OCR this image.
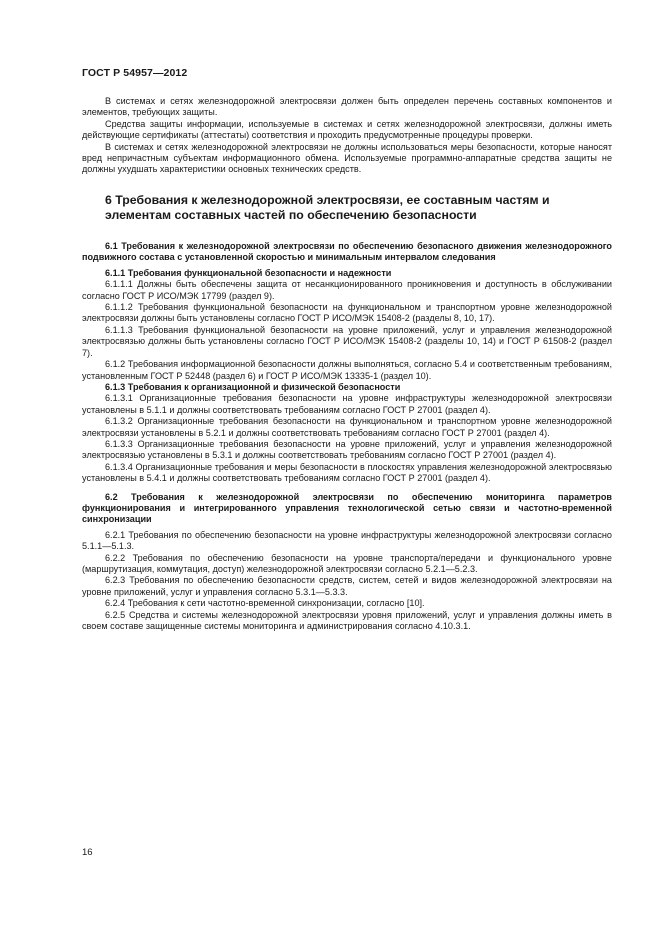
ГОСТ Р 54957—2012

В системах и сетях железнодорожной электросвязи должен быть определен перечень составных компонентов и элементов, требующих защиты.

Средства защиты информации, используемые в системах и сетях железнодорожной электросвязи, должны иметь действующие сертификаты (аттестаты) соответствия и проходить предусмотренные процедуры проверки.

В системах и сетях железнодорожной электросвязи не должны использоваться меры безопасности, которые наносят вред непричастным субъектам информационного обмена. Используемые программно-аппаратные средства защиты не должны ухудшать характеристики основных технических средств.

6 Требования к железнодорожной электросвязи, ее составным частям и элементам составных частей по обеспечению безопасности
6.1 Требования к железнодорожной электросвязи по обеспечению безопасного движения железнодорожного подвижного состава с установленной скоростью и минимальным интервалом следования

6.1.1 Требования функциональной безопасности и надежности

6.1.1.1 Должны быть обеспечены защита от несанкционированного проникновения и доступность в обслуживании согласно ГОСТ Р ИСО/МЭК 17799 (раздел 9).

6.1.1.2 Требования функциональной безопасности на функциональном и транспортном уровне железнодорожной электросвязи должны быть установлены согласно ГОСТ Р ИСО/МЭК 15408-2 (разделы 8, 10, 17).

6.1.1.3 Требования функциональной безопасности на уровне приложений, услуг и управления железнодорожной электросвязью должны быть установлены согласно ГОСТ Р ИСО/МЭК 15408-2 (разделы 10, 14) и ГОСТ Р 61508-2 (раздел 7).

6.1.2 Требования информационной безопасности должны выполняться, согласно 5.4 и соответственным требованиям, установленным ГОСТ Р 52448 (раздел 6) и ГОСТ Р ИСО/МЭК 13335-1 (раздел 10).

6.1.3 Требования к организационной и физической безопасности

6.1.3.1 Организационные требования безопасности на уровне инфраструктуры железнодорожной электросвязи установлены в 5.1.1 и должны соответствовать требованиям согласно ГОСТ Р 27001 (раздел 4).

6.1.3.2 Организационные требования безопасности на функциональном и транспортном уровне железнодорожной электросвязи установлены в 5.2.1 и должны соответствовать требованиям согласно ГОСТ Р 27001 (раздел 4).

6.1.3.3 Организационные требования безопасности на уровне приложений, услуг и управления железнодорожной электросвязью установлены в 5.3.1 и должны соответствовать требованиям согласно ГОСТ Р 27001 (раздел 4).

6.1.3.4 Организационные требования и меры безопасности в плоскостях управления железнодорожной электросвязью установлены в 5.4.1 и должны соответствовать требованиям согласно ГОСТ Р 27001 (раздел 4).

6.2 Требования к железнодорожной электросвязи по обеспечению мониторинга параметров функционирования и интегрированного управления технологической сетью связи и частотно-временной синхронизации

6.2.1 Требования по обеспечению безопасности на уровне инфраструктуры железнодорожной электросвязи согласно 5.1.1—5.1.3.

6.2.2 Требования по обеспечению безопасности на уровне транспорта/передачи и функционального уровне (маршрутизация, коммутация, доступ) железнодорожной электросвязи согласно 5.2.1—5.2.3.

6.2.3 Требования по обеспечению безопасности средств, систем, сетей и видов железнодорожной электросвязи на уровне приложений, услуг и управления согласно 5.3.1—5.3.3.

6.2.4 Требования к сети частотно-временной синхронизации, согласно [10].

6.2.5 Средства и системы железнодорожной электросвязи уровня приложений, услуг и управления должны иметь в своем составе защищенные системы мониторинга и администрирования согласно 4.10.3.1.

16
